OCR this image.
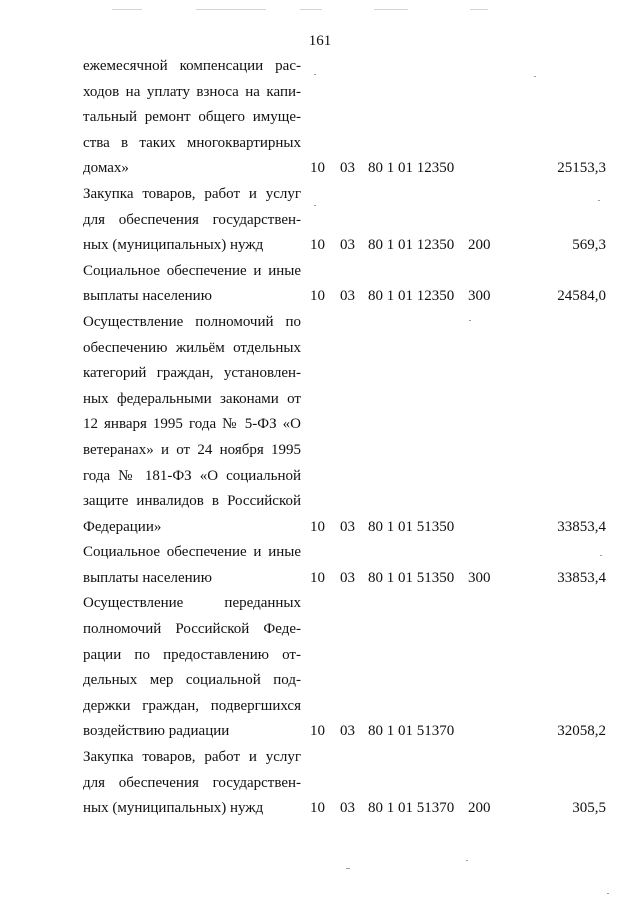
161
ежемесячной компенсации рас-
ходов на уплату взноса на капи-
тальный ремонт общего имуще-
ства в таких многоквартирных
домах»	10 03 80 1 01 12350	25153,3
Закупка товаров, работ и услуг
для обеспечения государствен-
ных (муниципальных) нужд	10 03 80 1 01 12350 200	569,3
Социальное обеспечение и иные
выплаты населению	10 03 80 1 01 12350 300	24584,0
Осуществление полномочий по
обеспечению жильём отдельных
категорий граждан, установлен-
ных федеральными законами от
12 января 1995 года № 5-ФЗ «О
ветеранах» и от 24 ноября 1995
года № 181-ФЗ «О социальной
защите инвалидов в Российской
Федерации»	10 03 80 1 01 51350	33853,4
Социальное обеспечение и иные
выплаты населению	10 03 80 1 01 51350 300	33853,4
Осуществление переданных
полномочий Российской Феде-
рации по предоставлению от-
дельных мер социальной под-
держки граждан, подвергшихся
воздействию радиации	10 03 80 1 01 51370	32058,2
Закупка товаров, работ и услуг
для обеспечения государствен-
ных (муниципальных) нужд	10 03 80 1 01 51370 200	305,5
